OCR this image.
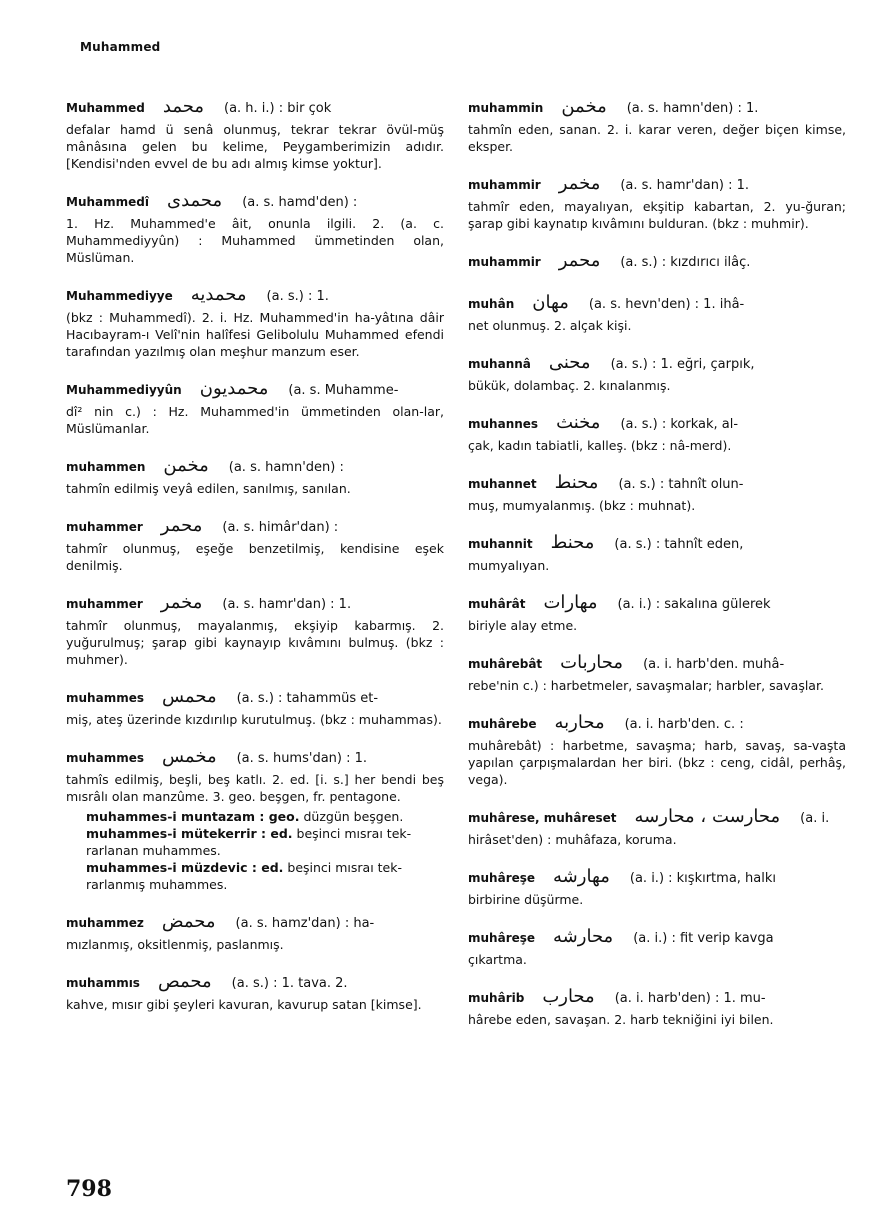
Muhammed
Muhammed محمد (a. h. i.) : bir çok
defalar hamd ü senâ olunmuş, tekrar tekrar övül-müş mânâsına gelen bu kelime, Peygamberimizin adıdır. [Kendisi'nden evvel de bu adı almış kimse yoktur].
Muhammedî محمدى (a. s. hamd'den) :
1. Hz. Muhammed'e âit, onunla ilgili. 2. (a. c. Muhammediyyûn) : Muhammed ümmetinden olan, Müslüman.
Muhammediyye محمديه (a. s.) : 1.
(bkz : Muhammedî). 2. i. Hz. Muhammed'in ha-yâtına dâir Hacıbayram-ı Velî'nin halîfesi Gelibolulu Muhammed efendi tarafından yazılmış olan meşhur manzum eser.
Muhammediyyûn محمديون (a. s. Muhamme-
dî² nin c.) : Hz. Muhammed'in ümmetinden olan-lar, Müslümanlar.
muhammen مخمن (a. s. hamn'den) :
tahmîn edilmiş veyâ edilen, sanılmış, sanılan.
muhammer محمر (a. s. himâr'dan) :
tahmîr olunmuş, eşeğe benzetilmiş, kendisine eşek denilmiş.
muhammer مخمر (a. s. hamr'dan) : 1.
tahmîr olunmuş, mayalanmış, ekşiyip kabarmış. 2. yuğurulmuş; şarap gibi kaynayıp kıvâmını bulmuş. (bkz : muhmer).
muhammes محمس (a. s.) : tahammüs et-
miş, ateş üzerinde kızdırılıp kurutulmuş. (bkz : muhammas).
muhammes مخمس (a. s. hums'dan) : 1.
tahmîs edilmiş, beşli, beş katlı. 2. ed. [i. s.] her bendi beş mısrâlı olan manzûme. 3. geo. beşgen, fr. pentagone.
muhammes-i muntazam : geo. düzgün beşgen.
muhammes-i mütekerrir : ed. beşinci mısraı tek-rarlanan muhammes.
muhammes-i müzdevic : ed. beşinci mısraı tek-rarlanmış muhammes.
muhammez محمض (a. s. hamz'dan) : ha-
mızlanmış, oksitlenmiş, paslanmış.
muhammıs محمص (a. s.) : 1. tava. 2.
kahve, mısır gibi şeyleri kavuran, kavurup satan [kimse].
muhammin مخمن (a. s. hamn'den) : 1.
tahmîn eden, sanan. 2. i. karar veren, değer biçen kimse, eksper.
muhammir مخمر (a. s. hamr'dan) : 1.
tahmîr eden, mayalıyan, ekşitip kabartan, 2. yu-ğuran; şarap gibi kaynatıp kıvâmını bulduran. (bkz : muhmir).
muhammir محمر (a. s.) : kızdırıcı ilâç.
muhân مهان (a. s. hevn'den) : 1. ihâ-
net olunmuş. 2. alçak kişi.
muhannâ محنى (a. s.) : 1. eğri, çarpık,
bükük, dolambaç. 2. kınalanmış.
muhannes مخنث (a. s.) : korkak, al-
çak, kadın tabiatli, kalleş. (bkz : nâ-merd).
muhannet محنط (a. s.) : tahnît olun-
muş, mumyalanmış. (bkz : muhnat).
muhannit محنط (a. s.) : tahnît eden,
mumyalıyan.
muhârât مهارات (a. i.) : sakalına gülerek
biriyle alay etme.
muhârebât محاربات (a. i. harb'den. muhâ-
rebe'nin c.) : harbetmeler, savaşmalar; harbler, savaşlar.
muhârebe محاربه (a. i. harb'den. c. :
muhârebât) : harbetme, savaşma; harb, savaş, sa-vaşta yapılan çarpışmalardan her biri. (bkz : ceng, cidâl, perhâş, vega).
muhârese, muhâreset محارست ، محارسه (a. i.
hirâset'den) : muhâfaza, koruma.
muhâreşe مهارشه (a. i.) : kışkırtma, halkı
birbirine düşürme.
muhâreşe محارشه (a. i.) : fit verip kavga
çıkartma.
muhârib محارب (a. i. harb'den) : 1. mu-
hârebe eden, savaşan. 2. harb tekniğini iyi bilen.
798
